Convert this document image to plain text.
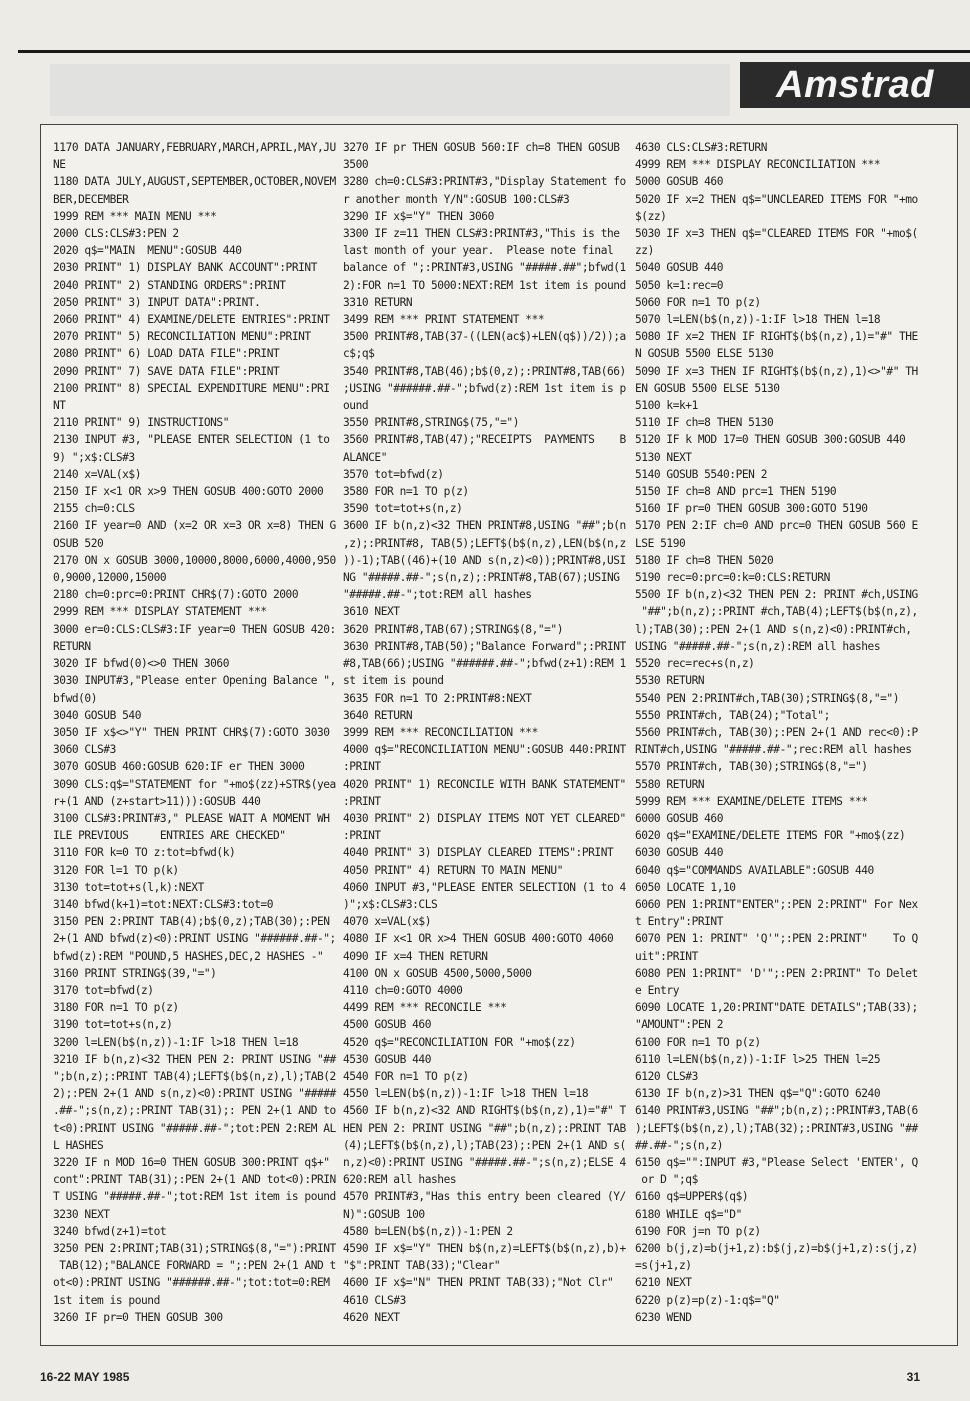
Amstrad
1170 DATA JANUARY,FEBRUARY,MARCH,APRIL,MAY,JU
NE
1180 DATA JULY,AUGUST,SEPTEMBER,OCTOBER,NOVEM
BER,DECEMBER
1999 REM *** MAIN MENU ***
2000 CLS:CLS#3:PEN 2
2020 q$="MAIN  MENU":GOSUB 440
2030 PRINT" 1) DISPLAY BANK ACCOUNT":PRINT
2040 PRINT" 2) STANDING ORDERS":PRINT
2050 PRINT" 3) INPUT DATA":PRINT.
2060 PRINT" 4) EXAMINE/DELETE ENTRIES":PRINT
2070 PRINT" 5) RECONCILIATION MENU":PRINT
2080 PRINT" 6) LOAD DATA FILE":PRINT
2090 PRINT" 7) SAVE DATA FILE":PRINT
2100 PRINT" 8) SPECIAL EXPENDITURE MENU":PRI
NT
2110 PRINT" 9) INSTRUCTIONS"
2130 INPUT #3, "PLEASE ENTER SELECTION (1 to
9) ";x$:CLS#3
2140 x=VAL(x$)
2150 IF x<1 OR x>9 THEN GOSUB 400:GOTO 2000
2155 ch=0:CLS
2160 IF year=0 AND (x=2 OR x=3 OR x=8) THEN G
OSUB 520
2170 ON x GOSUB 3000,10000,8000,6000,4000,950
0,9000,12000,15000
2180 ch=0:prc=0:PRINT CHR$(7):GOTO 2000
2999 REM *** DISPLAY STATEMENT ***
3000 er=0:CLS:CLS#3:IF year=0 THEN GOSUB 420:
RETURN
3020 IF bfwd(0)<>0 THEN 3060
3030 INPUT#3,"Please enter Opening Balance ",
bfwd(0)
3040 GOSUB 540
3050 IF x$<>"Y" THEN PRINT CHR$(7):GOTO 3030
3060 CLS#3
3070 GOSUB 460:GOSUB 620:IF er THEN 3000
3090 CLS:q$="STATEMENT for "+mo$(zz)+STR$(yea
r+(1 AND (z+start>11))):GOSUB 440
3100 CLS#3:PRINT#3," PLEASE WAIT A MOMENT WH
ILE PREVIOUS     ENTRIES ARE CHECKED"
3110 FOR k=0 TO z:tot=bfwd(k)
3120 FOR l=1 TO p(k)
3130 tot=tot+s(l,k):NEXT
3140 bfwd(k+1)=tot:NEXT:CLS#3:tot=0
3150 PEN 2:PRINT TAB(4);b$(0,z);TAB(30);:PEN
2+(1 AND bfwd(z)<0):PRINT USING "######.##-";
bfwd(z):REM "POUND,5 HASHES,DEC,2 HASHES -"
3160 PRINT STRING$(39,"=")
3170 tot=bfwd(z)
3180 FOR n=1 TO p(z)
3190 tot=tot+s(n,z)
3200 l=LEN(b$(n,z))-1:IF l>18 THEN l=18
3210 IF b(n,z)<32 THEN PEN 2: PRINT USING "##
";b(n,z);:PRINT TAB(4);LEFT$(b$(n,z),l);TAB(2
2);:PEN 2+(1 AND s(n,z)<0):PRINT USING "#####
.##-";s(n,z);:PRINT TAB(31);: PEN 2+(1 AND to
t<0):PRINT USING "#####.##-";tot:PEN 2:REM AL
L HASHES
3220 IF n MOD 16=0 THEN GOSUB 300:PRINT q$+"
cont":PRINT TAB(31);:PEN 2+(1 AND tot<0):PRIN
T USING "#####.##-";tot:REM 1st item is pound
3230 NEXT
3240 bfwd(z+1)=tot
3250 PEN 2:PRINT;TAB(31);STRING$(8,"="):PRINT
TAB(12);"BALANCE FORWARD = ";:PEN 2+(1 AND t
ot<0):PRINT USING "######.##-";tot:tot=0:REM
1st item is pound
3260 IF pr=0 THEN GOSUB 300
3270 IF pr THEN GOSUB 560:IF ch=8 THEN GOSUB
3500
3280 ch=0:CLS#3:PRINT#3,"Display Statement fo
r another month Y/N":GOSUB 100:CLS#3
3290 IF x$="Y" THEN 3060
3300 IF z=11 THEN CLS#3:PRINT#3,"This is the
last month of your year.  Please note final
balance of ";:PRINT#3,USING "#####.##";bfwd(1
2):FOR n=1 TO 5000:NEXT:REM 1st item is pound
3310 RETURN
3499 REM *** PRINT STATEMENT ***
3500 PRINT#8,TAB(37-((LEN(ac$)+LEN(q$))/2));a
c$;q$
3540 PRINT#8,TAB(46);b$(0,z);:PRINT#8,TAB(66)
;USING "######.##-";bfwd(z):REM 1st item is p
ound
3550 PRINT#8,STRING$(75,"=")
3560 PRINT#8,TAB(47);"RECEIPTS  PAYMENTS    B
ALANCE"
3570 tot=bfwd(z)
3580 FOR n=1 TO p(z)
3590 tot=tot+s(n,z)
3600 IF b(n,z)<32 THEN PRINT#8,USING "##";b(n
,z);:PRINT#8, TAB(5);LEFT$(b$(n,z),LEN(b$(n,z
))-1);TAB((46)+(10 AND s(n,z)<0));PRINT#8,USI
NG "#####.##-";s(n,z);:PRINT#8,TAB(67);USING
"#####.##-";tot:REM all hashes
3610 NEXT
3620 PRINT#8,TAB(67);STRING$(8,"=")
3630 PRINT#8,TAB(50);"Balance Forward";:PRINT
#8,TAB(66);USING "######.##-";bfwd(z+1):REM 1
st item is pound
3635 FOR n=1 TO 2:PRINT#8:NEXT
3640 RETURN
3999 REM *** RECONCILIATION ***
4000 q$="RECONCILIATION MENU":GOSUB 440:PRINT
:PRINT
4020 PRINT" 1) RECONCILE WITH BANK STATEMENT"
:PRINT
4030 PRINT" 2) DISPLAY ITEMS NOT YET CLEARED"
:PRINT
4040 PRINT" 3) DISPLAY CLEARED ITEMS":PRINT
4050 PRINT" 4) RETURN TO MAIN MENU"
4060 INPUT #3,"PLEASE ENTER SELECTION (1 to 4
)";x$:CLS#3:CLS
4070 x=VAL(x$)
4080 IF x<1 OR x>4 THEN GOSUB 400:GOTO 4060
4090 IF x=4 THEN RETURN
4100 ON x GOSUB 4500,5000,5000
4110 ch=0:GOTO 4000
4499 REM *** RECONCILE ***
4500 GOSUB 460
4520 q$="RECONCILIATION FOR "+mo$(zz)
4530 GOSUB 440
4540 FOR n=1 TO p(z)
4550 l=LEN(b$(n,z))-1:IF l>18 THEN l=18
4560 IF b(n,z)<32 AND RIGHT$(b$(n,z),1)="#" T
HEN PEN 2: PRINT USING "##";b(n,z);:PRINT TAB
(4);LEFT$(b$(n,z),l);TAB(23);:PEN 2+(1 AND s(
n,z)<0):PRINT USING "#####.##-";s(n,z);ELSE 4
620:REM all hashes
4570 PRINT#3,"Has this entry been cleared (Y/
N)":GOSUB 100
4580 b=LEN(b$(n,z))-1:PEN 2
4590 IF x$="Y" THEN b$(n,z)=LEFT$(b$(n,z),b)+
"$":PRINT TAB(33);"Clear"
4600 IF x$="N" THEN PRINT TAB(33);"Not Clr"
4610 CLS#3
4620 NEXT
4630 CLS:CLS#3:RETURN
4999 REM *** DISPLAY RECONCILIATION ***
5000 GOSUB 460
5020 IF x=2 THEN q$="UNCLEARED ITEMS FOR "+mo
$(zz)
5030 IF x=3 THEN q$="CLEARED ITEMS FOR "+mo$(
zz)
5040 GOSUB 440
5050 k=1:rec=0
5060 FOR n=1 TO p(z)
5070 l=LEN(b$(n,z))-1:IF l>18 THEN l=18
5080 IF x=2 THEN IF RIGHT$(b$(n,z),1)="#" THE
N GOSUB 5500 ELSE 5130
5090 IF x=3 THEN IF RIGHT$(b$(n,z),1)<>"#" TH
EN GOSUB 5500 ELSE 5130
5100 k=k+1
5110 IF ch=8 THEN 5130
5120 IF k MOD 17=0 THEN GOSUB 300:GOSUB 440
5130 NEXT
5140 GOSUB 5540:PEN 2
5150 IF ch=8 AND prc=1 THEN 5190
5160 IF pr=0 THEN GOSUB 300:GOTO 5190
5170 PEN 2:IF ch=0 AND prc=0 THEN GOSUB 560 E
LSE 5190
5180 IF ch=8 THEN 5020
5190 rec=0:prc=0:k=0:CLS:RETURN
5500 IF b(n,z)<32 THEN PEN 2: PRINT #ch,USING
"##";b(n,z);:PRINT #ch,TAB(4);LEFT$(b$(n,z),
l);TAB(30);:PEN 2+(1 AND s(n,z)<0):PRINT#ch,
USING "#####.##-";s(n,z):REM all hashes
5520 rec=rec+s(n,z)
5530 RETURN
5540 PEN 2:PRINT#ch,TAB(30);STRING$(8,"=")
5550 PRINT#ch, TAB(24);"Total";
5560 PRINT#ch, TAB(30);:PEN 2+(1 AND rec<0):P
RINT#ch,USING "#####.##-";rec:REM all hashes
5570 PRINT#ch, TAB(30);STRING$(8,"=")
5580 RETURN
5999 REM *** EXAMINE/DELETE ITEMS ***
6000 GOSUB 460
6020 q$="EXAMINE/DELETE ITEMS FOR "+mo$(zz)
6030 GOSUB 440
6040 q$="COMMANDS AVAILABLE":GOSUB 440
6050 LOCATE 1,10
6060 PEN 1:PRINT"ENTER";:PEN 2:PRINT" For Nex
t Entry":PRINT
6070 PEN 1: PRINT" 'Q'";:PEN 2:PRINT"    To Q
uit":PRINT
6080 PEN 1:PRINT" 'D'";:PEN 2:PRINT" To Delet
e Entry
6090 LOCATE 1,20:PRINT"DATE DETAILS";TAB(33);
"AMOUNT":PEN 2
6100 FOR n=1 TO p(z)
6110 l=LEN(b$(n,z))-1:IF l>25 THEN l=25
6120 CLS#3
6130 IF b(n,z)>31 THEN q$="Q":GOTO 6240
6140 PRINT#3,USING "##";b(n,z);:PRINT#3,TAB(6
);LEFT$(b$(n,z),l);TAB(32);:PRINT#3,USING "##
##.##-";s(n,z)
6150 q$="":INPUT #3,"Please Select 'ENTER', Q
or D ";q$
6160 q$=UPPER$(q$)
6180 WHILE q$="D"
6190 FOR j=n TO p(z)
6200 b(j,z)=b(j+1,z):b$(j,z)=b$(j+1,z):s(j,z)
=s(j+1,z)
6210 NEXT
6220 p(z)=p(z)-1:q$="Q"
6230 WEND
16-22 MAY 1985	31
